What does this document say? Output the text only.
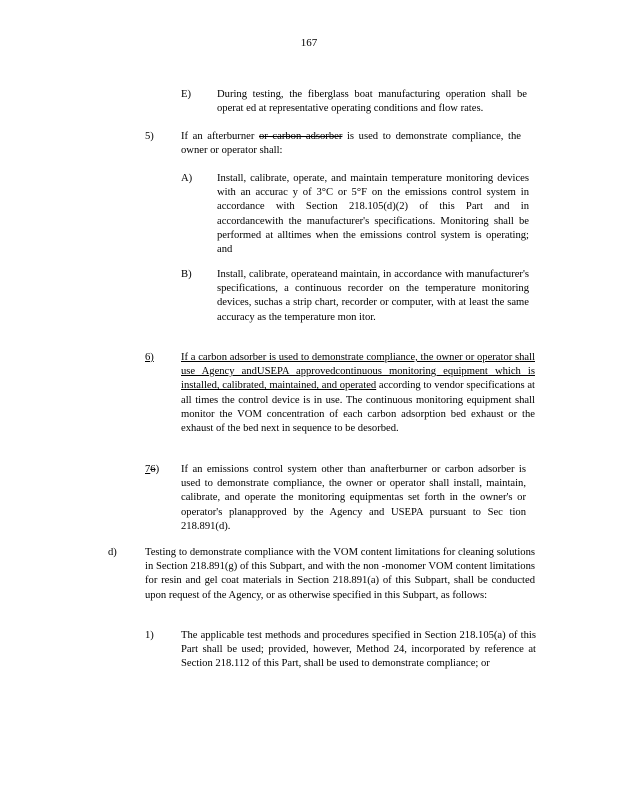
167
E) During testing, the fiberglass boat manufacturing operation shall be operat ed at representative operating conditions and flow rates.
5)	If an afterburner or carbon adsorber is used to demonstrate compliance, the owner or operator shall:
A) Install, calibrate, operate, and maintain temperature monitoring devices with an accurac y of 3°C or 5°F on the emissions control system in accordance with Section 218.105(d)(2) of this Part and in accordancewith the manufacturer's specifications. Monitoring shall be performed at alltimes when the emissions control system is operating; and
B) Install, calibrate, operateand maintain, in accordance with manufacturer's specifications, a continuous recorder on the temperature monitoring devices, suchas a strip chart, recorder or computer, with at least the same accuracy as the temperature mon itor.
6)	If a carbon adsorber is used to demonstrate compliance, the owner or operator shall use Agency andUSEPA approvedcontinuous monitoring equipment which is installed, calibrated, maintained, and operated according to vendor specifications at all times the control device is in use. The continuous monitoring equipment shall monitor the VOM concentration of each carbon adsorption bed exhaust or the exhaust of the bed next in sequence to be desorbed.
76) If an emissions control system other than anafterburner or carbon adsorber is used to demonstrate compliance, the owner or operator shall install, maintain, calibrate, and operate the monitoring equipmentas set forth in the owner's or operator's planapproved by the Agency and USEPA pursuant to Sec tion 218.891(d).
d)	Testing to demonstrate compliance with the VOM content limitations for cleaning solutions in Section 218.891(g) of this Subpart, and with the non -monomer VOM content limitations for resin and gel coat materials in Section 218.891(a) of this Subpart, shall be conducted upon request of the Agency, or as otherwise specified in this Subpart, as follows:
1)	The applicable test methods and procedures specified in Section 218.105(a) of this Part shall be used; provided, however, Method 24, incorporated by reference at Section 218.112 of this Part, shall be used to demonstrate compliance; or
